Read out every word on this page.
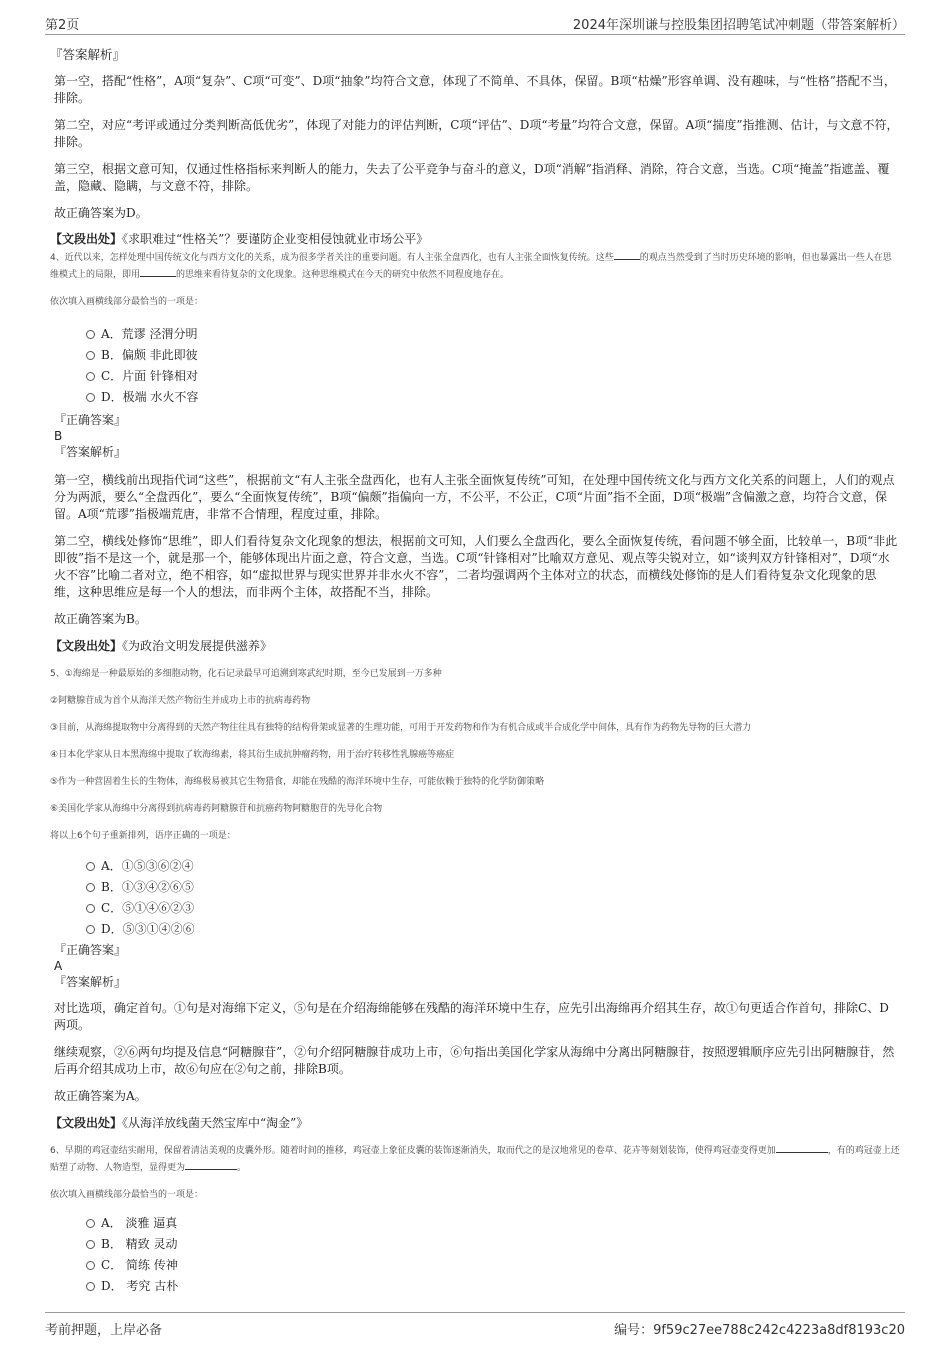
第2页	2024年深圳谦与控股集团招聘笔试冲刺题（带答案解析）

『答案解析』

第一空，搭配“性格”，A项“复杂”、C项“可变”、D项“抽象”均符合文意，体现了不简单、不具体，保留。B项“枯燥”形容单调、没有趣味，与“性格”搭配不当，排除。

第二空，对应“考评或通过分类判断高低优劣”，体现了对能力的评估判断，C项“评估”、D项“考量”均符合文意，保留。A项“揣度”指推测、估计，与文意不符，排除。

第三空，根据文意可知，仅通过性格指标来判断人的能力，失去了公平竞争与奋斗的意义，D项“消解”指消释、消除，符合文意，当选。C项“掩盖”指遮盖、覆盖，隐藏、隐瞒，与文意不符，排除。

故正确答案为D。

【文段出处】《求职难过“性格关”？要谨防企业变相侵蚀就业市场公平》

4、近代以来，怎样处理中国传统文化与西方文化的关系，成为很多学者关注的重要问题。有人主张全盘西化，也有人主张全面恢复传统。这些	的观点当然受到了当时历史环境的影响，但也暴露出一些人在思维模式上的局限，即用	的思维来看待复杂的文化现象。这种思维模式在今天的研究中依然不同程度地存在。

依次填入画横线部分最恰当的一项是：

A．荒谬 泾渭分明
B．偏颇 非此即彼
C．片面 针锋相对
D．极端 水火不容

『正确答案』

B

『答案解析』

第一空，横线前出现指代词“这些”，根据前文“有人主张全盘西化，也有人主张全面恢复传统”可知，在处理中国传统文化与西方文化关系的问题上，人们的观点分为两派，要么“全盘西化”，要么“全面恢复传统”，B项“偏颇”指偏向一方，不公平，不公正，C项“片面”指不全面，D项“极端”含偏激之意，均符合文意，保留。A项“荒谬”指极端荒唐，非常不合情理，程度过重，排除。

第二空，横线处修饰“思维”，即人们看待复杂文化现象的想法，根据前文可知，人们要么全盘西化，要么全面恢复传统，看问题不够全面，比较单一，B项“非此即彼”指不是这一个，就是那一个，能够体现出片面之意，符合文意，当选。C项“针锋相对”比喻双方意见、观点等尖锐对立，如“谈判双方针锋相对”，D项“水火不容”比喻二者对立，绝不相容，如“虚拟世界与现实世界并非水火不容”，二者均强调两个主体对立的状态，而横线处修饰的是人们看待复杂文化现象的思维，这种思维应是每一个人的想法，而非两个主体，故搭配不当，排除。

故正确答案为B。

【文段出处】《为政治文明发展提供滋养》

5、①海绵是一种最原始的多细胞动物，化石记录最早可追溯到寒武纪时期，至今已发展到一万多种

②阿糖腺苷成为首个从海洋天然产物衍生并成功上市的抗病毒药物

③目前，从海绵提取物中分离得到的天然产物往往具有独特的结构骨架或显著的生理功能，可用于开发药物和作为有机合成或半合成化学中间体，具有作为药物先导物的巨大潜力

④日本化学家从日本黑海绵中提取了软海绵素，将其衍生成抗肿瘤药物，用于治疗转移性乳腺癌等癌症

⑤作为一种营固着生长的生物体，海绵极易被其它生物猎食，却能在残酷的海洋环境中生存，可能依赖于独特的化学防御策略

⑥美国化学家从海绵中分离得到抗病毒药阿糖腺苷和抗癌药物阿糖胞苷的先导化合物

将以上6个句子重新排列，语序正确的一项是：

A．①⑤③⑥②④
B．①③④②⑥⑤
C．⑤①④⑥②③
D．⑤③①④②⑥

『正确答案』

A

『答案解析』

对比选项，确定首句。①句是对海绵下定义，⑤句是在介绍海绵能够在残酷的海洋环境中生存，应先引出海绵再介绍其生存，故①句更适合作首句，排除C、D两项。

继续观察，②⑥两句均提及信息“阿糖腺苷”，②句介绍阿糖腺苷成功上市，⑥句指出美国化学家从海绵中分离出阿糖腺苷，按照逻辑顺序应先引出阿糖腺苷，然后再介绍其成功上市，故⑥句应在②句之前，排除B项。

故正确答案为A。

【文段出处】《从海洋放线菌天然宝库中“淘金”》

6、早期的鸡冠壶结实耐用，保留着清洁美观的皮囊外形。随着时间的推移，鸡冠壶上象征皮囊的装饰逐渐消失，取而代之的是汉地常见的卷草、花卉等刻划装饰，使得鸡冠壶变得更加	，有的鸡冠壶上还贴塑了动物、人物造型，显得更为	。

依次填入画横线部分最恰当的一项是：

A． 淡雅 逼真
B． 精致 灵动
C． 简练 传神
D． 考究 古朴
考前押题，上岸必备	编号：9f59c27ee788c242c4223a8df8193c20
